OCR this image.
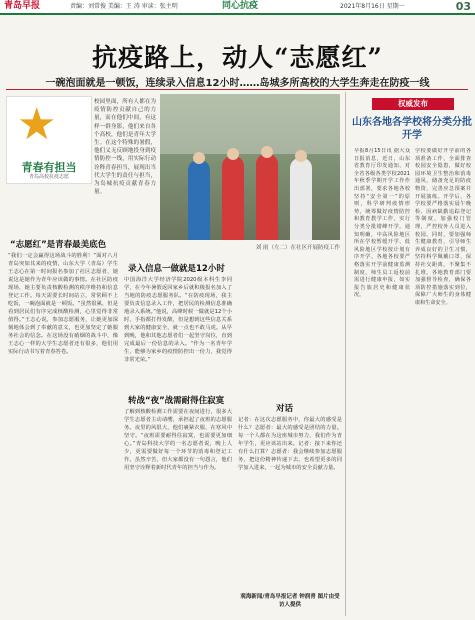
青岛早报	责编：刘常俊 美编：王 涛 审读：张主明	同心抗疫	2021年8月16日 星期一	03
抗疫路上，动人“志愿红”
一碗泡面就是一顿饭，连续录入信息12小时……岛城多所高校的大学生奔走在防疫一线
★
青春有担当
青岛高校抗疫志愿
校园里面，所有人都在为疫情防控贡献自己的力量，而在他们中间，有这样一群身影，他们来自各个高校，他们是青年大学生。在这个特殊的暑假，他们义无反顾地投身到疫情防控一线，用实际行动诠释青春担当，展现出当代大学生的责任与担当，为岛城抗疫贡献青春力量。
刘 雨（左二）在社区开展防疫工作
“志愿红”是青春最美底色
“我们一定会赢得这场战斗的胜利！”面对八月青岛突如其来的疫情，山东大学（青岛）学生王志心在第一时间报名参加了社区志愿者，她说这是她作为青年应该做的事情。在社区防疫现场，她主要负责核酸检测的秩序维持和信息登记工作。每天需要长时间站立，常常顾不上吃饭，一碗泡面就是一顿饭。“虽然很累，但是看到居民们有序完成核酸检测，心里觉得非常值得。”王志心说，参加志愿服务，让她更加深刻地体会到了奉献的意义，也更加坚定了她服务社会的信念。在这场没有硝烟的战斗中，像王志心一样的大学生志愿者还有很多，他们用实际行动书写着青春答卷。
录入信息一做就是12小时
中国海洋大学经济学院2020级本科生李同学，在今年暑假返回家乡后就积极报名加入了当地的防疫志愿服务队。“在防疫现场，我主要负责信息录入工作，把居民的检测信息准确地录入系统。”他说，高峰时候一做就是12个小时，手指都打得发酸，但是想到这些信息关系到大家的健康安全，就一点也不敢马虎。从早到晚，他和其他志愿者们一起坚守岗位，直到完成最后一份信息的录入。“作为一名青年学生，能够为家乡的疫情防控出一份力，我觉得非常光荣。”
转战“夜”战需耐得住寂寞
了解到核酸检测工作需要在夜间进行，很多大学生志愿者主动请缨，承担起了夜班的志愿服务。夜里的风很大，他们裹紧衣服，在寒风中坚守。“夜班需要耐得住寂寞，也需要更加细心。”青岛科技大学的一名志愿者说，晚上人少，更需要做好每一个环节的消毒和登记工作。虽然辛苦，但大家都没有一句怨言，他们用坚守诠释着新时代青年的担当与作为。
对话
记者：在这次志愿服务中，你最大的感受是什么？志愿者：最大的感受是团结的力量。每一个人都在为这座城市努力，我们作为青年学生，更应该站出来。记者：接下来你还有什么打算？志愿者：我会继续参加志愿服务，把这份精神传递下去，也希望更多的同学加入进来，一起为城市的安全贡献力量。
观海新闻/青岛早报记者 钟润青 图片由受访人提供
权威发布
山东各地各学校将分类分批开学
早报8月15日讯 据大众日报消息，近日，山东省教育厅印发通知，对全省各级各类学校2021年秋季学期开学工作作出部署，要求各地各校坚持“安全第一”的原则，科学研判疫情形势，统筹做好疫情防控和教育教学工作，实行分类分批错峰开学。通知明确，中高风险地区所在学校暂缓开学，低风险地区学校按计划有序开学。各地各校要严格落实开学前健康监测制度，师生员工返校前需进行健康申报，如实报告旅居史和健康状况。
学校要做好开学前的各项准备工作，全面排查校园安全隐患，做好校园环境卫生整治和消毒通风，储备充足的防疫物资，完善应急预案并开展演练。开学后，各学校要严格落实晨午晚检、因病缺勤追踪登记等制度，加强校门管理，严控校外人员进入校园。同时，要加强师生健康教育，引导师生养成良好的卫生习惯，坚持科学佩戴口罩，保持社交距离，不聚集不扎堆。各地教育部门要加强督导检查，确保各项防控措施落实到位，保障广大师生的身体健康和生命安全。
